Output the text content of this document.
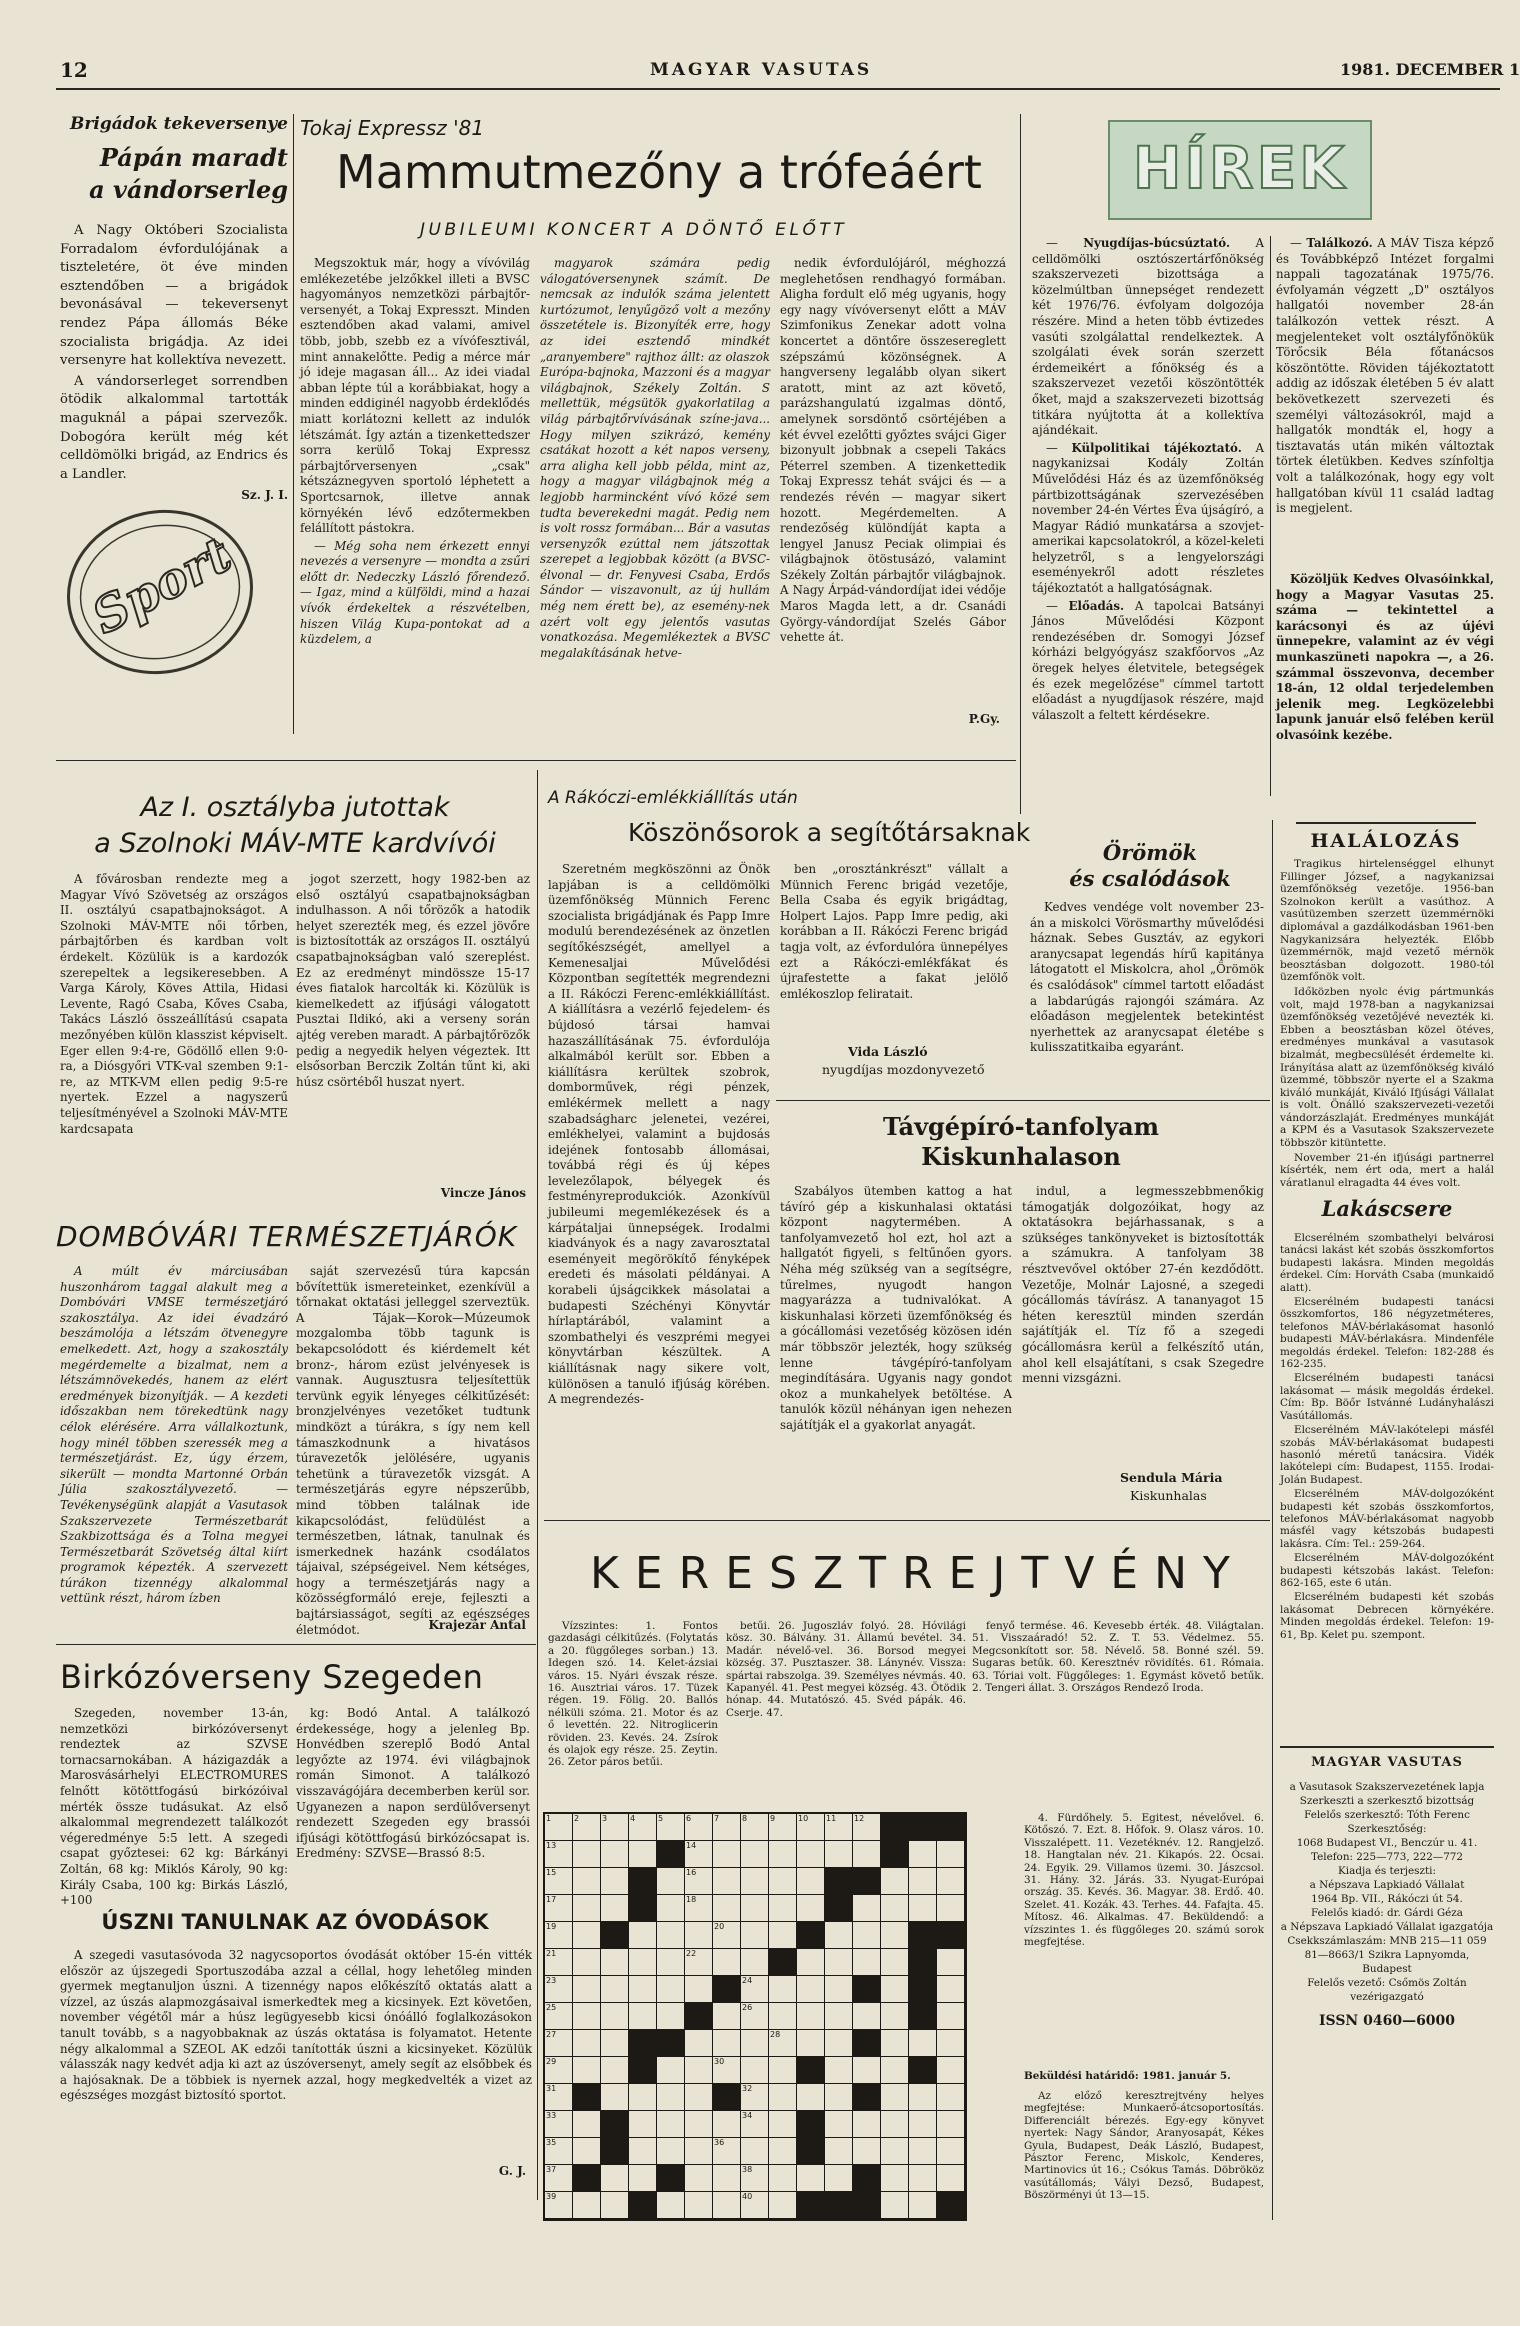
12	MAGYAR VASUTAS	1981. DECEMBER 1
Brigádok tekeversenye
Pápán maradt
a vándorserleg

A Nagy Októberi Szocialista Forradalom évfordulójának a tiszteletére, öt éve minden esztendőben — a brigádok bevonásával — tekeversenyt rendez Pápa állomás Béke szocialista brigádja. Az idei versenyre hat kollektíva nevezett.

A vándorserleget sorrendben ötödik alkalommal tartották maguknál a pápai szervezők. Dobogóra került még két celldömölki brigád, az Endrics és a Landler.

Sz. J. I.
Sport
Tokaj Expressz '81
Mammutmezőny a trófeáért
JUBILEUMI KONCERT A DÖNTŐ ELŐTT

Megszoktuk már, hogy a vívóvilág emlékezetébe jelzőkkel illeti a BVSC hagyományos nemzetközi párbajtőr-versenyét, a Tokaj Expresszt. Minden esztendőben akad valami, amivel több, jobb, szebb ez a vívófesztivál, mint annakelőtte. Pedig a mérce már jó ideje magasan áll... Az idei viadal abban lépte túl a korábbiakat, hogy a minden eddiginél nagyobb érdeklődés miatt korlátozni kellett az indulók létszámát. Így aztán a tizenkettedszer sorra kerülő Tokaj Expressz párbajtőrversenyen „csak" kétszáznegyven sportoló léphetett a Sportcsarnok, illetve annak környékén lévő edzőtermekben felállított pástokra.

— Még soha nem érkezett ennyi nevezés a versenyre — mondta a zsűri előtt dr. Nedeczky László főrendező. — Igaz, mind a külföldi, mind a hazai vívók érdekeltek a részvételben, hiszen Világ Kupa-pontokat ad a küzdelem, a

magyarok számára pedig válogatóversenynek számít. De nemcsak az indulók száma jelentett kurtózumot, lenyűgöző volt a mezőny összetétele is. Bizonyíték erre, hogy az idei esztendő mindkét „aranyembere" rajthoz állt: az olaszok Európa-bajnoka, Mazzoni és a magyar világbajnok, Székely Zoltán. S mellettük, mégsütök gyakorlatilag a világ párbajtőrvívásának színe-java... Hogy milyen szikrázó, kemény csatákat hozott a két napos verseny, arra aligha kell jobb példa, mint az, hogy a magyar világbajnok még a legjobb harmincként vívó közé sem tudta beverekedni magát. Pedig nem is volt rossz formában... Bár a vasutas versenyzők ezúttal nem játszottak szerepet a legjobbak között (a BVSC-élvonal — dr. Fenyvesi Csaba, Erdős Sándor — viszavonult, az új hullám még nem érett be), az esemény-nek azért volt egy jelentős vasutas vonatkozása. Megemlékeztek a BVSC megalakításának hetve-

nedik évfordulójáról, méghozzá meglehetősen rendhagyó formában. Aligha fordult elő még ugyanis, hogy egy nagy vívóversenyt előtt a MÁV Szimfonikus Zenekar adott volna koncertet a döntőre összesereglett szépszámú közönségnek. A hangverseny legalább olyan sikert aratott, mint az azt követő, parázshangulatú izgalmas döntő, amelynek sorsdöntő csörtéjében a két évvel ezelőtti győztes svájci Giger bizonyult jobbnak a csepeli Takács Péterrel szemben. A tizenkettedik Tokaj Expressz tehát svájci és — a rendezés révén — magyar sikert hozott. Megérdemelten. A rendezőség különdíját kapta a lengyel Janusz Peciak olimpiai és világbajnok ötöstusázó, valamint Székely Zoltán párbajtőr világbajnok. A Nagy Árpád-vándordíjat idei védője Maros Magda lett, a dr. Csanádi György-vándordíjat Szelés Gábor vehette át.

P.Gy.
HÍREK

— Nyugdíjas-búcsúztató. A celldömölki osztószertárfőnökség szakszervezeti bizottsága a közelmúltban ünnepséget rendezett két 1976/76. évfolyam dolgozója részére. Mind a heten több évtizedes vasúti szolgálattal rendelkeztek. A szolgálati évek során szerzett érdemeikért a főnökség és a szakszervezet vezetői köszöntötték őket, majd a szakszervezeti bizottság titkára nyújtotta át a kollektíva ajándékait.

— Külpolitikai tájékoztató. A nagykanizsai Kodály Zoltán Művelődési Ház és az üzemfőnökség pártbizottságának szervezésében november 24-én Vértes Éva újságíró, a Magyar Rádió munkatársa a szovjet-amerikai kapcsolatokról, a közel-keleti helyzetről, s a lengyelországi eseményekről adott részletes tájékoztatót a hallgatóságnak.

— Előadás. A tapolcai Batsányi János Művelődési Központ rendezésében dr. Somogyi József kórházi belgyógyász szakfőorvos „Az öregek helyes életvitele, betegségek és ezek megelőzése" címmel tartott előadást a nyugdíjasok részére, majd válaszolt a feltett kérdésekre.

— Találkozó. A MÁV Tisza képző és Továbbképző Intézet forgalmi nappali tagozatának 1975/76. évfolyamán végzett „D" osztályos hallgatói november 28-án találkozón vettek részt. A megjelenteket volt osztályfőnökük Törőcsik Béla főtanácsos köszöntötte. Röviden tájékoztatott addig az időszak életében 5 év alatt bekövetkezett szervezeti és személyi változásokról, majd a hallgatók mondták el, hogy a tisztavatás után mikén változtak törtek életükben. Kedves színfoltja volt a találkozónak, hogy egy volt hallgatóban kívül 11 család ladtag is megjelent.

Közöljük Kedves Olvasóinkkal, hogy a Magyar Vasutas 25. száma — tekintettel a karácsonyi és az újévi ünnepekre, valamint az év végi munkaszüneti napokra —, a 26. számmal összevonva, december 18-án, 12 oldal terjedelemben jelenik meg. Legközelebbi lapunk január első felében kerül olvasóink kezébe.

Az I. osztályba jutottak
a Szolnoki MÁV-MTE kardvívói

A fővárosban rendezte meg a Magyar Vívó Szövetség az országos II. osztályú csapatbajnokságot. A Szolnoki MÁV-MTE női tőrben, párbajtőrben és kardban volt érdekelt. Közülük is a kardozók szerepeltek a legsikeresebben. A Varga Károly, Köves Attila, Hidasi Levente, Ragó Csaba, Kőves Csaba, Takács László összeállítású csapata mezőnyében külön klasszist képviselt. Eger ellen 9:4-re, Gödöllő ellen 9:0-ra, a Diósgyőri VTK-val szemben 9:1-re, az MTK-VM ellen pedig 9:5-re nyertek. Ezzel a nagyszerű teljesítményével a Szolnoki MÁV-MTE kardcsapata

jogot szerzett, hogy 1982-ben az első osztályú csapatbajnokságban indulhasson. A női tőrözők a hatodik helyet szerezték meg, és ezzel jövőre is biztosították az országos II. osztályú csapatbajnokságban való szereplést. Ez az eredményt mindössze 15-17 éves fiatalok harcolták ki. Közülük is kiemelkedett az ifjúsági válogatott Pusztai Ildikó, aki a verseny során ajtég vereben maradt. A párbajtőrözők pedig a negyedik helyen végeztek. Itt elsősorban Berczik Zoltán tűnt ki, aki húsz csörtéből huszat nyert.

Vincze János
DOMBÓVÁRI TERMÉSZETJÁRÓK

A múlt év márciusában huszonhárom taggal alakult meg a Dombóvári VMSE természetjáró szakosztálya. Az idei évadzáró beszámolója a létszám ötvenegyre emelkedett. Azt, hogy a szakosztály megérdemelte a bizalmat, nem a létszámnövekedés, hanem az elért eredmények bizonyítják. — A kezdeti időszakban nem törekedtünk nagy célok elérésére. Arra vállalkoztunk, hogy minél többen szeressék meg a természetjárást. Ez, úgy érzem, sikerült — mondta Martonné Orbán Júlia szakosztályvezető. — Tevékenységünk alapját a Vasutasok Szakszervezete Természetbarát Szakbizottsága és a Tolna megyei Természetbarát Szövetség által kiírt programok képezték. A szervezett túrákon tizennégy alkalommal vettünk részt, három ízben

saját szervezésű túra kapcsán bővítettük ismereteinket, ezenkívül a tőrnakat oktatási jelleggel szerveztük. A Tájak—Korok—Múzeumok mozgalomba több tagunk is bekapcsolódott és kiérdemelt két bronz-, három ezüst jelvényesek is vannak. Augusztusra teljesítettük tervünk egyik lényeges célkitűzését: bronzjelvényes vezetőket tudtunk mindközt a túrákra, s így nem kell támaszkodnunk a hivatásos túravezetők jelölésére, ugyanis tehetünk a túravezetők vizsgát. A természetjárás egyre népszerűbb, mind többen találnak ide kikapcsolódást, felüdülést a természetben, látnak, tanulnak és ismerkednek hazánk csodálatos tájaival, szépségeivel. Nem kétséges, hogy a természetjárás nagy a közösségformáló ereje, fejleszti a bajtársiasságot, segíti az egészséges életmódot.	Krajezár Antal
Birkózóverseny Szegeden

Szegeden, november 13-án, nemzetközi birkózóversenyt rendeztek az SZVSE tornacsarnokában. A házigazdák a Marosvásárhelyi ELECTROMURES felnőtt kötöttfogású birkózóival mérték össze tudásukat. Az első alkalommal megrendezett találkozót végeredménye 5:5 lett. A szegedi csapat győztesei: 62 kg: Bárkányi Zoltán, 68 kg: Miklós Károly, 90 kg: Király Csaba, 100 kg: Birkás László, +100

kg: Bodó Antal. A találkozó érdekessége, hogy a jelenleg Bp. Honvédben szereplő Bodó Antal legyőzte az 1974. évi világbajnok román Simonot. A találkozó visszavágójára decemberben kerül sor. Ugyanezen a napon serdülőversenyt rendezett Szegeden egy brassói ifjúsági kötöttfogású birkózócsapat is. Eredmény: SZVSE—Brassó 8:5.

ÚSZNI TANULNAK AZ ÓVODÁSOK

A szegedi vasutasóvoda 32 nagycsoportos óvodását október 15-én vitték először az újszegedi Sportuszodába azzal a céllal, hogy lehetőleg minden gyermek megtanuljon úszni. A tizennégy napos előkészítő oktatás alatt a vízzel, az úszás alapmozgásaival ismerkedtek meg a kicsinyek. Ezt követően, november végétől már a húsz legügyesebb kicsi ónóálló foglalkozásokon tanult tovább, s a nagyobbaknak az úszás oktatása is folyamatot. Hetente négy alkalommal a SZEOL AK edzői tanították úszni a kicsinyeket. Közülük válasszák nagy kedvét adja ki azt az úszóversenyt, amely segít az elsőbbek és a hajósaknak. De a többiek is nyernek azzal, hogy megkedvelték a vizet az egészséges mozgást biztosító sportot.

G. J.
A Rákóczi-emlékkiállítás után
Köszönősorok a segítőtársaknak

Szeretném megköszönni az Önök lapjában is a celldömölki üzemfőnökség Münnich Ferenc szocialista brigádjának és Papp Imre modulú berendezésének az önzetlen segítőkészségét, amellyel a Kemenesaljai Művelődési Központban segítették megrendezni a II. Rákóczi Ferenc-emlékkiállítást. A kiállításra a vezérlő fejedelem- és bújdosó társai hamvai hazaszállításának 75. évfordulója alkalmából került sor. Ebben a kiállításra kerültek szobrok, domborművek, régi pénzek, emlékérmek mellett a nagy szabadságharc jelenetei, vezérei, emlékhelyei, valamint a bujdosás idejének fontosabb állomásai, továbbá régi és új képes levelezőlapok, bélyegek és festményreprodukciók. Azonkívül jubileumi megemlékezések és a kárpátaljai ünnepségek. Irodalmi kiadványok és a nagy zavarosztatal eseményeit megörökítő fényképek eredeti és másolati példányai. A korabeli újságcikkek másolatai a budapesti Széchényi Könyvtár hírlaptárából, valamint a szombathelyi és veszprémi megyei könyvtárban készültek. A kiállításnak nagy sikere volt, különösen a tanuló ifjúság körében. A megrendezés-

ben „orosztánkrészt" vállalt a Münnich Ferenc brigád vezetője, Bella Csaba és egyik brigádtag, Holpert Lajos. Papp Imre pedig, aki korábban a II. Rákóczi Ferenc brigád tagja volt, az évfordulóra ünnepélyes ezt a Rákóczi-emlékfákat és újrafestette a fakat jelölő emlékoszlop feliratait.

Vida László
nyugdíjas mozdonyvezető
Örömök
és csalódások

Kedves vendége volt november 23-án a miskolci Vörösmarthy művelődési háznak. Sebes Gusztáv, az egykori aranycsapat legendás hírű kapitánya látogatott el Miskolcra, ahol „Örömök és csalódások" címmel tartott előadást a labdarúgás rajongói számára. Az előadáson megjelentek betekintést nyerhettek az aranycsapat életébe s kulisszatitkaiba egyaránt.

Távgépíró-tanfolyam
Kiskunhalason

Szabályos ütemben kattog a hat távíró gép a kiskunhalasi oktatási központ nagytermében. A tanfolyamvezető hol ezt, hol azt a hallgatót figyeli, s feltűnően gyors. Néha még szükség van a segítségre, tűrelmes, nyugodt hangon magyarázza a tudnivalókat. A kiskunhalasi körzeti üzemfőnökség és a gócállomási vezetőség közösen idén már többször jelezték, hogy szükség lenne távgépíró-tanfolyam megindítására. Ugyanis nagy gondot okoz a munkahelyek betöltése. A tanulók közül néhányan igen nehezen sajátítják el a gyakorlat anyagát.

indul, a legmesszebbmenőkig támogatják dolgozóikat, hogy az oktatásokra bejárhassanak, s a szükséges tankönyveket is biztosították a számukra. A tanfolyam 38 résztvevővel október 27-én kezdődött. Vezetője, Molnár Lajosné, a szegedi gócállomás távírász. A tananyagot 15 héten keresztül minden szerdán sajátítják el. Tíz fő a szegedi gócállomásra kerül a felkészítő után, ahol kell elsajátítani, s csak Szegedre menni vizsgázni.

Sendula Mária
Kiskunhalas
KERESZTREJTVÉNY

Vízszintes: 1. Fontos gazdasági célkitűzés. (Folytatás a 20. függőleges sorban.) 13. Idegen szó. 14. Kelet-ázsiai város. 15. Nyári évszak része. 16. Ausztriai város. 17. Tüzek régen. 19. Fölig. 20. Ballós nélküli szóma. 21. Motor és az ő levettén. 22. Nitroglicerin röviden. 23. Kevés. 24. Zsírok és olajok egy része. 25. Zeytin. 26. Zetor páros betűi.

betűi. 26. Jugoszláv folyó. 28. Hóvilági kösz. 30. Bálvány. 31. Államú bevétel. 34. Madár. névelő-vel. 36. Borsod megyei község. 37. Pusztaszer. 38. Lánynév. Vissza: spártai rabszolga. 39. Személyes névmás. 40. Kapanyél. 41. Pest megyei község. 43. Ötödik hónap. 44. Mutatószó. 45. Svéd pápák. 46. Cserje. 47.

fenyő termése. 46. Kevesebb érték. 48. Világtalan. 51. Visszaáradó! 52. Z. T. 53. Védelmez. 55. Megcsonkított sor. 58. Névelő. 58. Bonné szél. 59. Sugaras betűk. 60. Keresztnév rövidítés. 61. Rómaia. 63. Tóriai volt. Függőleges: 1. Egymást követő betűk. 2. Tengeri állat. 3. Országos Rendező Iroda.

1	2	3	4	5	6	7	8	9	10 11 12
13	14
15	16
17	18
19	20
21	22
23	24
25	26
27	28
29	30
31	32
33	34
35	36
37	38
39	40

4. Fürdőhely. 5. Egitest, névelővel. 6. Kötőszó. 7. Ezt. 8. Hőfok. 9. Olasz város. 10. Visszalépett. 11. Vezetéknév. 12. Rangjelző. 18. Hangtalan név. 21. Kikapós. 22. Ócsai. 24. Egyik. 29. Villamos üzemi. 30. Jászcsol. 31. Hány. 32. Járás. 33. Nyugat-Európai ország. 35. Kevés. 36. Magyar. 38. Erdő. 40. Szelet. 41. Kozák. 43. Terhes. 44. Fafajta. 45. Mítosz. 46. Alkalmas. 47. Beküldendő: a vízszintes 1. és függőleges 20. számú sorok megfejtése.

Beküldési határidő: 1981. január 5.

Az előző keresztrejtvény helyes megfejtése: Munkaerő-átcsoportosítás. Differenciált bérezés. Egy-egy könyvet nyertek: Nagy Sándor, Aranyosapát, Kékes Gyula, Budapest, Deák László, Budapest, Pásztor Ferenc, Miskolc, Kenderes, Martinovics út 16.; Csókus Tamás. Döbrököz vasútállomás; Vályi Dezső, Budapest, Böszörményi út 13—15.

HALÁLOZÁS

Tragikus hirtelenséggel elhunyt Fillinger József, a nagykanizsai üzemfőnökség vezetője. 1956-ban Szolnokon került a vasúthoz. A vasútüzemben szerzett üzemmérnöki diplomával a gazdálkodásban 1961-ben Nagykanizsára helyezték. Előbb üzemmérnök, majd vezető mérnök beosztásban dolgozott. 1980-tól üzemfőnök volt.

Időközben nyolc évig pártmunkás volt, majd 1978-ban a nagykanizsai üzemfőnökség vezetőjévé nevezték ki. Ebben a beosztásban közel ötéves, eredményes munkával a vasutasok bizalmát, megbecsülését érdemelte ki. Irányítása alatt az üzemfőnökség kiváló üzemmé, többször nyerte el a Szakma kiváló munkáját, Kiváló Ifjúsági Vállalat is volt. Önálló szakszervezeti-vezetői vándorzászlaját. Eredményes munkáját a KPM és a Vasutasok Szakszervezete többször kitüntette.

November 21-én ifjúsági partnerrel kísérték, nem ért oda, mert a halál váratlanul elragadta 44 éves volt.

Lakáscsere

Elcserélném szombathelyi belvárosi tanácsi lakást két szobás összkomfortos budapesti lakásra. Minden megoldás érdekel. Cím: Horváth Csaba (munkaidő alatt).

Elcserélném budapesti tanácsi összkomfortos, 186 négyzetméteres, telefonos MÁV-bérlakásomat hasonló budapesti MÁV-bérlakásra. Mindenféle megoldás érdekel. Telefon: 182-288 és 162-235.

Elcserélném budapesti tanácsi lakásomat — másik megoldás érdekel. Cím: Bp. Böőr Istvánné Ludányhalászi Vasútállomás.

Elcserélném MÁV-lakótelepi másfél szobás MÁV-bérlakásomat budapesti hasonló méretű tanácsira. Vidék lakótelepi cím: Budapest, 1155. Irodai-Jolán Budapest.

Elcserélném MÁV-dolgozóként budapesti két szobás összkomfortos, telefonos MÁV-bérlakásomat nagyobb másfél vagy kétszobás budapesti lakásra. Cím: Tel.: 259-264.

Elcserélném MÁV-dolgozóként budapesti kétszobás lakást. Telefon: 862-165, este 6 után.

Elcserélném budapesti két szobás lakásomat Debrecen környékére. Minden megoldás érdekel. Telefon: 19-61, Bp. Kelet pu. szempont.

MAGYAR VASUTAS
a Vasutasok Szakszervezetének lapja
Szerkeszti a szerkesztő bizottság
Felelős szerkesztő: Tóth Ferenc
Szerkesztőség:
1068 Budapest VI., Benczúr u. 41.
Telefon: 225—773, 222—772
Kiadja és terjeszti:
a Népszava Lapkiadó Vállalat
1964 Bp. VII., Rákóczi út 54.
Felelős kiadó: dr. Gárdi Géza
a Népszava Lapkiadó Vállalat igazgatója
Csekkszámlaszám: MNB 215—11 059
81—8663/1 Szikra Lapnyomda, Budapest
Felelős vezető: Csőmös Zoltán vezérigazgató
ISSN 0460—6000
